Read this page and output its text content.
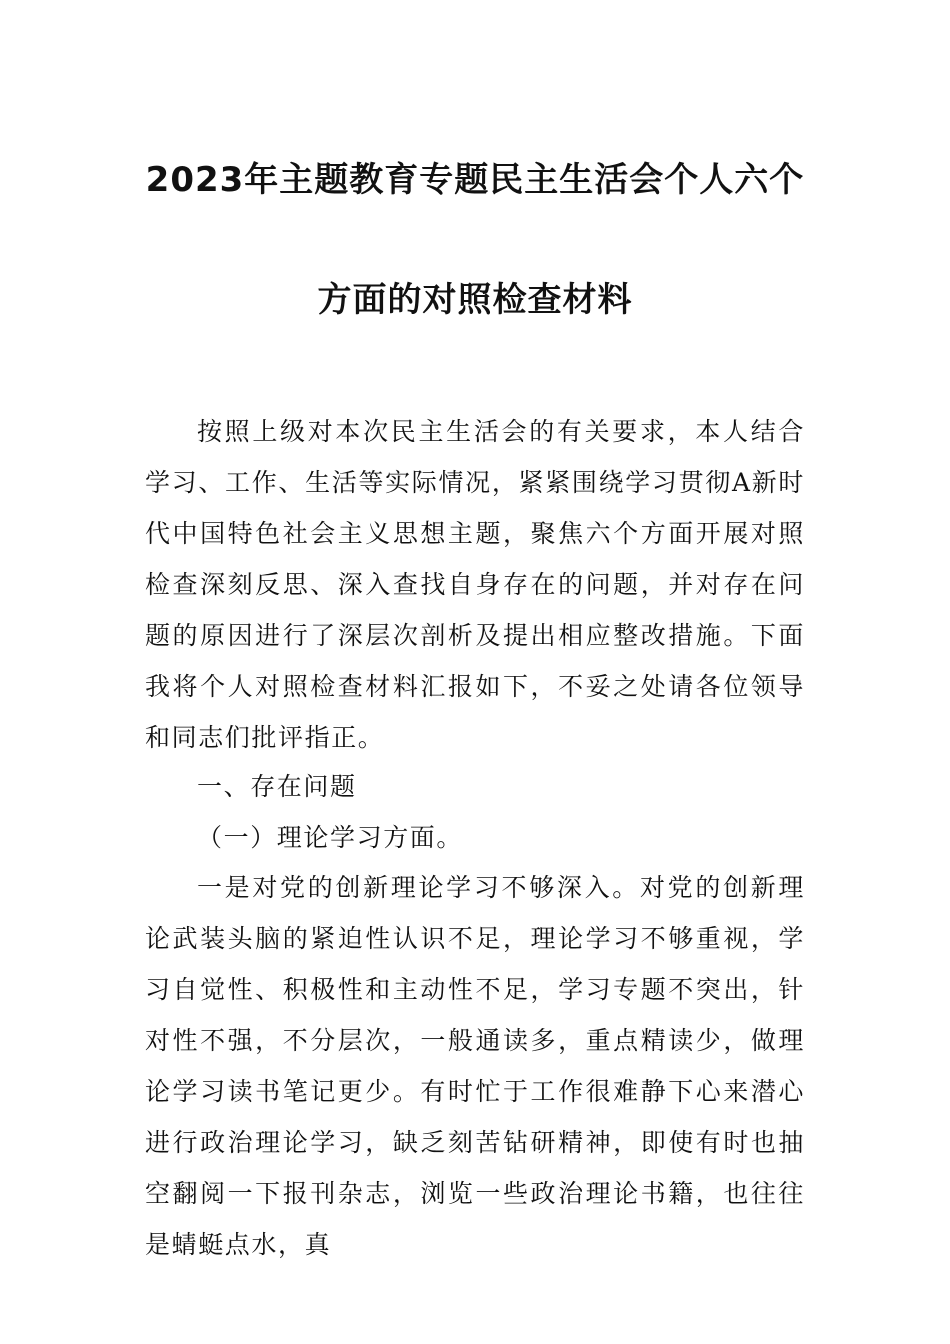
2023年主题教育专题民主生活会个人六个
方面的对照检查材料

按照上级对本次民主生活会的有关要求，本人结合学习、工作、生活等实际情况，紧紧围绕学习贯彻A新时代中国特色社会主义思想主题，聚焦六个方面开展对照检查深刻反思、深入查找自身存在的问题，并对存在问题的原因进行了深层次剖析及提出相应整改措施。下面我将个人对照检查材料汇报如下，不妥之处请各位领导和同志们批评指正。

一、存在问题

（一）理论学习方面。

一是对党的创新理论学习不够深入。对党的创新理论武装头脑的紧迫性认识不足，理论学习不够重视，学习自觉性、积极性和主动性不足，学习专题不突出，针对性不强，不分层次，一般通读多，重点精读少，做理论学习读书笔记更少。有时忙于工作很难静下心来潜心进行政治理论学习，缺乏刻苦钻研精神，即使有时也抽空翻阅一下报刊杂志，浏览一些政治理论书籍，也往往是蜻蜓点水，真
